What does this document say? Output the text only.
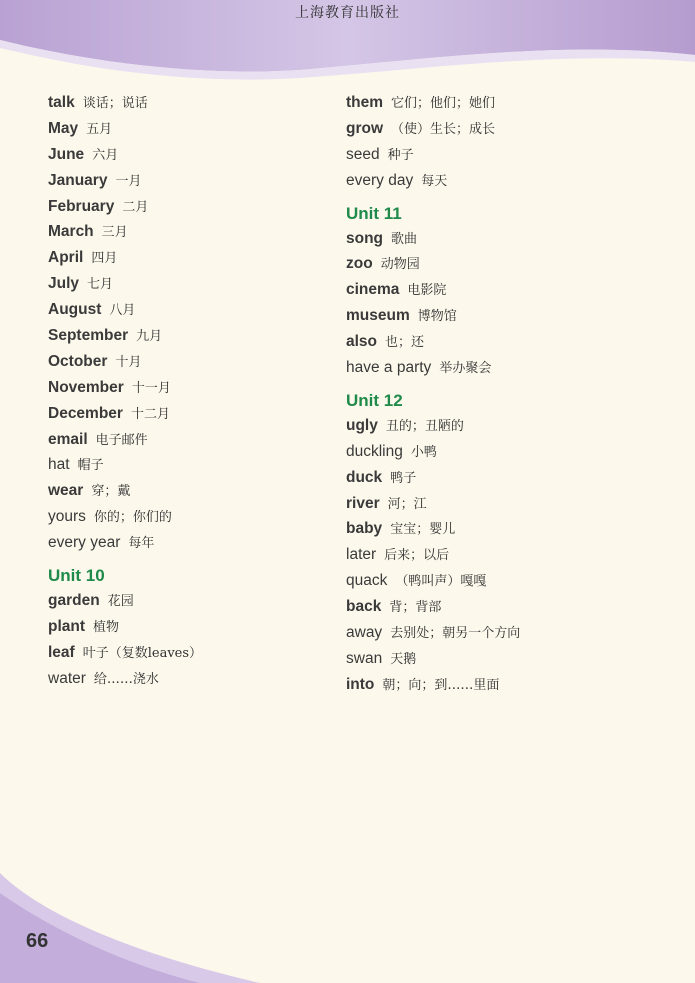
上海教育出版社
66
talk 谈话；说话
May 五月
June 六月
January 一月
February 二月
March 三月
April 四月
July 七月
August 八月
September 九月
October 十月
November 十一月
December 十二月
email 电子邮件
hat 帽子
wear 穿；戴
yours 你的；你们的
every year 每年
Unit 10
garden 花园
plant 植物
leaf 叶子（复数leaves）
water 给……浇水
them 它们；他们；她们
grow （使）生长；成长
seed 种子
every day 每天
Unit 11
song 歌曲
zoo 动物园
cinema 电影院
museum 博物馆
also 也；还
have a party 举办聚会
Unit 12
ugly 丑的；丑陋的
duckling 小鸭
duck 鸭子
river 河；江
baby 宝宝；婴儿
later 后来；以后
quack （鸭叫声）嘎嘎
back 背；背部
away 去别处；朝另一个方向
swan 天鹅
into 朝；向；到……里面
